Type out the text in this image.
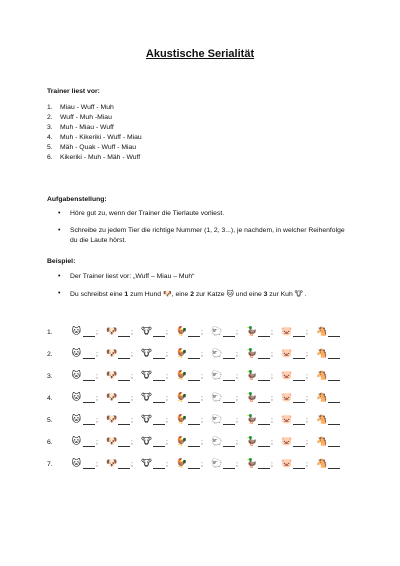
Akustische Serialität
Trainer liest vor:
1.	Miau - Wuff - Muh
2.	Wuff - Muh -Miau
3.	Muh - Miau - Wuff
4.	Muh - Kikeriki - Wuff - Miau
5.	Mäh - Quak - Wuff - Miau
6.	Kikeriki - Muh - Mäh - Wuff
Aufgabenstellung:
• Höre gut zu, wenn der Trainer die Tierlaute vorliest.
• Schreibe zu jedem Tier die richtige Nummer (1, 2, 3...), je nachdem, in welcher Reihenfolge du die Laute hörst.
Beispiel:
• Der Trainer liest vor: „Wuff – Miau – Muh“
• Du schreibst eine 1 zum Hund 🐶, eine 2 zur Katze 🐱 und eine 3 zur Kuh 🐮 .
1. 🐱 ; 🐶 ; 🐮 ; 🐓 ; 🐑 ; 🦆 ; 🐷 ; 🐴
2. 🐱 ; 🐶 ; 🐮 ; 🐓 ; 🐑 ; 🦆 ; 🐷 ; 🐴
3. 🐱 ; 🐶 ; 🐮 ; 🐓 ; 🐑 ; 🦆 ; 🐷 ; 🐴
4. 🐱 ; 🐶 ; 🐮 ; 🐓 ; 🐑 ; 🦆 ; 🐷 ; 🐴
5. 🐱 ; 🐶 ; 🐮 ; 🐓 ; 🐑 ; 🦆 ; 🐷 ; 🐴
6. 🐱 ; 🐶 ; 🐮 ; 🐓 ; 🐑 ; 🦆 ; 🐷 ; 🐴
7. 🐱 ; 🐶 ; 🐮 ; 🐓 ; 🐑 ; 🦆 ; 🐷 ; 🐴
